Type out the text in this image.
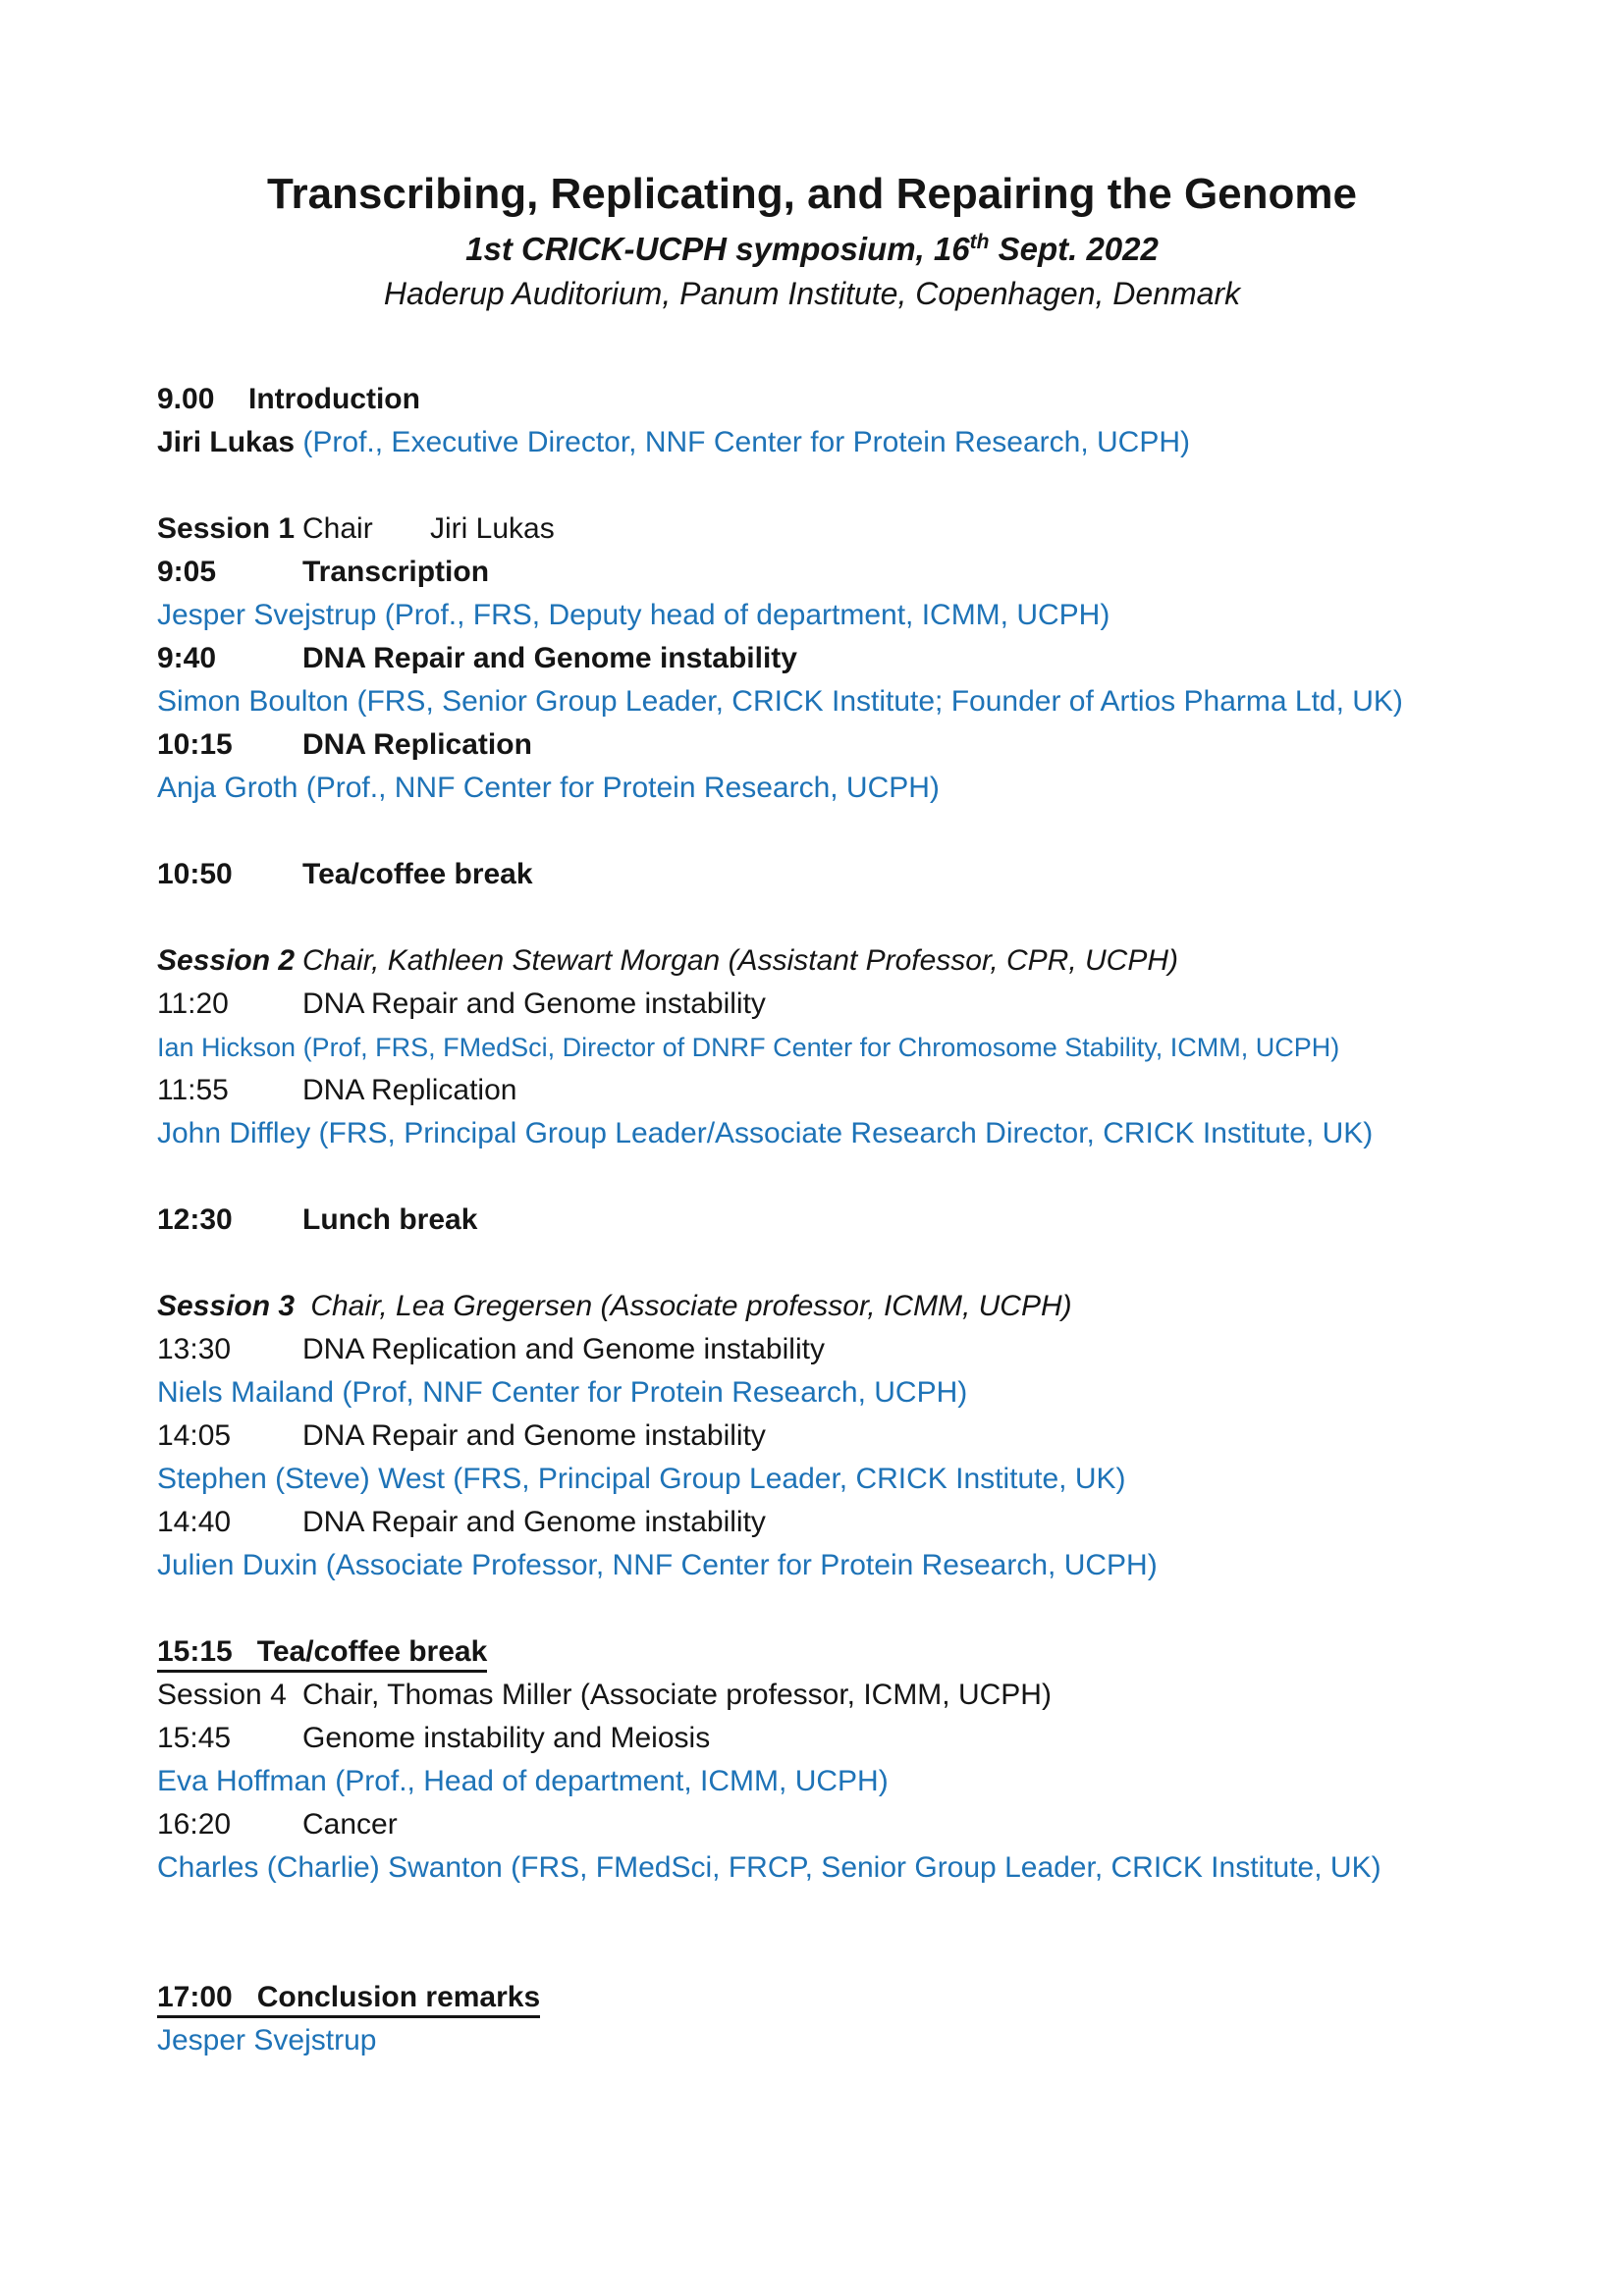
Transcribing, Replicating, and Repairing the Genome
1st CRICK-UCPH symposium, 16th Sept. 2022
Haderup Auditorium, Panum Institute, Copenhagen, Denmark
9.00 Introduction
Jiri Lukas (Prof., Executive Director, NNF Center for Protein Research, UCPH)
Session 1 Chair Jiri Lukas
9:05	Transcription
Jesper Svejstrup (Prof., FRS, Deputy head of department, ICMM, UCPH)
9:40	DNA Repair and Genome instability
Simon Boulton (FRS, Senior Group Leader, CRICK Institute; Founder of Artios Pharma Ltd, UK)
10:15 DNA Replication
Anja Groth (Prof., NNF Center for Protein Research, UCPH)
10:50 Tea/coffee break
Session 2 Chair, Kathleen Stewart Morgan (Assistant Professor, CPR, UCPH)
11:20	DNA Repair and Genome instability
Ian Hickson (Prof, FRS, FMedSci, Director of DNRF Center for Chromosome Stability, ICMM, UCPH)
11:55	DNA Replication
John Diffley (FRS, Principal Group Leader/Associate Research Director, CRICK Institute, UK)
12:30 Lunch break
Session 3 Chair, Lea Gregersen (Associate professor, ICMM, UCPH)
13:30 DNA Replication and Genome instability
Niels Mailand (Prof, NNF Center for Protein Research, UCPH)
14:05 DNA Repair and Genome instability
Stephen (Steve) West (FRS, Principal Group Leader, CRICK Institute, UK)
14:40 DNA Repair and Genome instability
Julien Duxin (Associate Professor, NNF Center for Protein Research, UCPH)
15:15   Tea/coffee break
Session 4 Chair, Thomas Miller (Associate professor, ICMM, UCPH)
15:45 Genome instability and Meiosis
Eva Hoffman (Prof., Head of department, ICMM, UCPH)
16:20 Cancer
Charles (Charlie) Swanton (FRS, FMedSci, FRCP, Senior Group Leader, CRICK Institute, UK)
17:00   Conclusion remarks
Jesper Svejstrup
